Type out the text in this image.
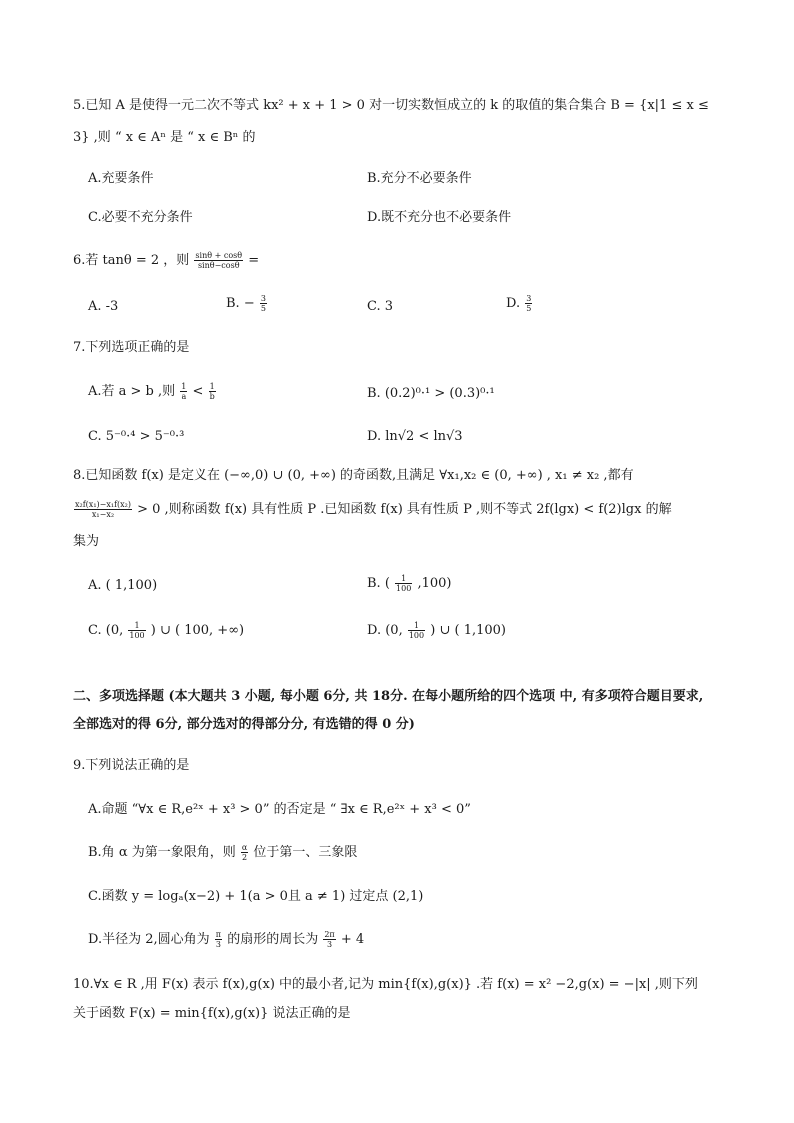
5.已知 A 是使得一元二次不等式 kx² + x + 1 > 0 对一切实数恒成立的 k 的取值的集合集合 B = {x|1 ≤ x ≤
3} ,则 “ x ∈ Aⁿ 是 “ x ∈ Bⁿ 的
A.充要条件	B.充分不必要条件
C.必要不充分条件	D.既不充分也不必要条件
6.若 tanθ = 2 ，则 $\frac{\sin\theta + \cos\theta}{\sin\theta-\cos\theta}$ =
A. -3	B. − $\frac{3}{5}$	C. 3	D. $\frac{3}{5}$
7.下列选项正确的是
A.若 a > b ,则 $\frac{1}{a} < \frac{1}{b}$	B. (0.2)⁰·¹ > (0.3)⁰·¹
C. 5⁻⁰·⁴ > 5⁻⁰·³	D. ln√2 < ln√3
8.已知函数 f(x) 是定义在 (−∞,0) ∪ (0, +∞) 的奇函数,且满足 ∀x₁,x₂ ∈ (0, +∞) , x₁ ≠ x₂ ,都有
$\frac{\text{x₂f(x₁)−x₁f(x₂)}}{\text{x₁−x₂}} > 0$ ,则称函数 f(x) 具有性质 P .已知函数 f(x) 具有性质 P ,则不等式 2f(lgx) < f(2)lgx 的解
集为
A. ( 1,100)	B. ( $\frac{1}{100} ,100$)
C. (0, $\frac{1}{100}$ ) ∪ ( 100, +∞)	D. (0, $\frac{1}{100}$ ) ∪ ( 1,100)
二、多项选择题 (本大题共 3 小题, 每小题 6分, 共 18分. 在每小题所给的四个选项 中, 有多项符合题目要求,
全部选对的得 6分, 部分选对的得部分分, 有选错的得 0 分)
9.下列说法正确的是
A.命题 “∀x ∈ R,e²ˣ + x³ > 0” 的否定是 “ ∃x ∈ R,e²ˣ + x³ < 0”
B.角 α 为第一象限角，则 $\frac{\alpha}{2}$ 位于第一、三象限
C.函数 y = logₐ(x−2) + 1(a > 0且 a ≠ 1) 过定点 (2,1)
D.半径为 2,圆心角为 $\frac{\pi}{3}$ 的扇形的周长为 $\frac{2\pi}{3} + 4$
10.∀x ∈ R ,用 F(x) 表示 f(x),g(x) 中的最小者,记为 min{f(x),g(x)} .若 f(x) = x² −2,g(x) = −|x| ,则下列
关于函数 F(x) = min{f(x),g(x)} 说法正确的是
